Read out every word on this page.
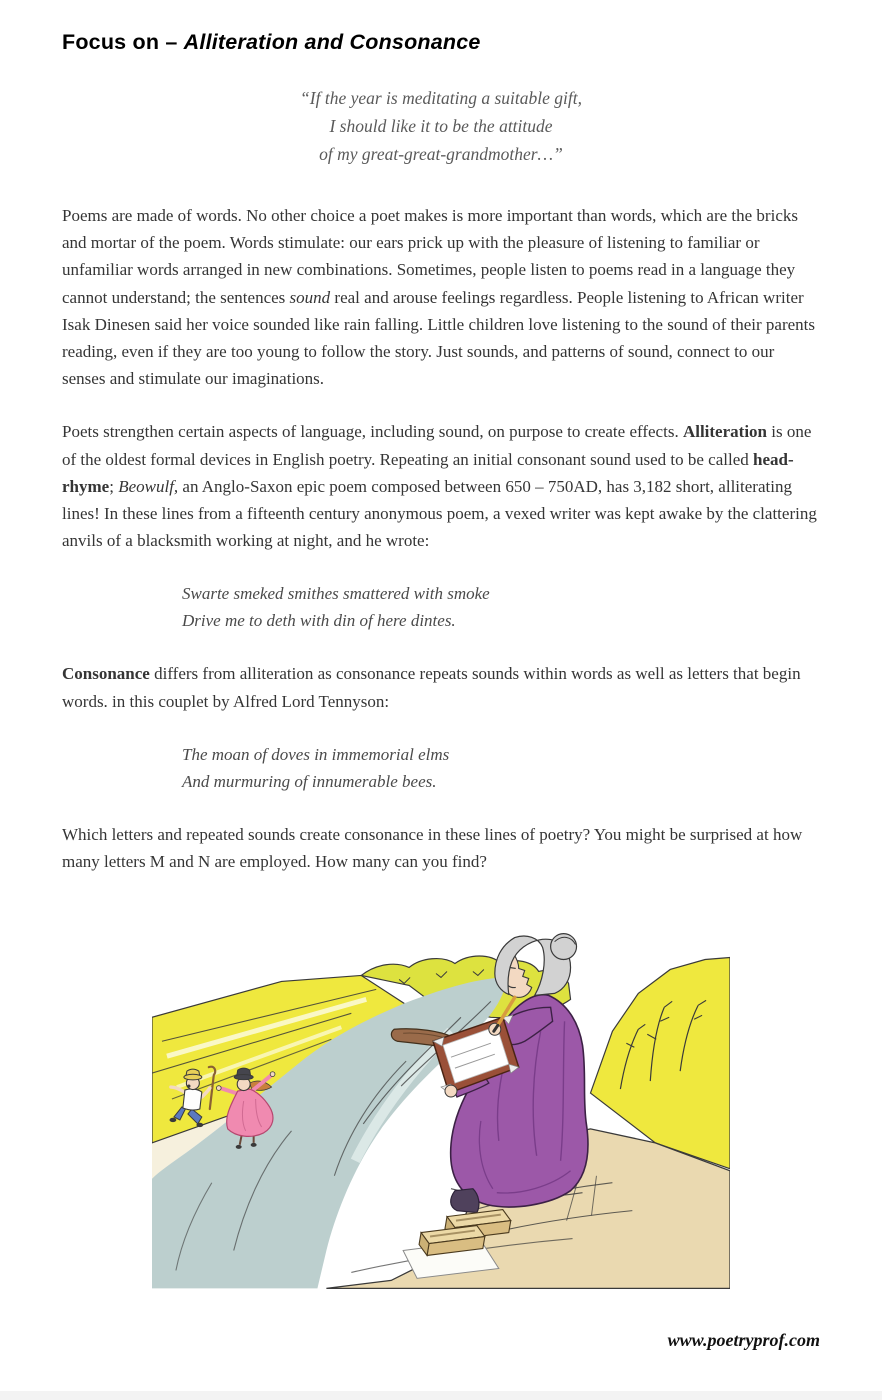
Focus on – Alliteration and Consonance
“If the year is meditating a suitable gift,
I should like it to be the attitude
of my great-great-grandmother…”

Poems are made of words. No other choice a poet makes is more important than words, which are the bricks and mortar of the poem. Words stimulate: our ears prick up with the pleasure of listening to familiar or unfamiliar words arranged in new combinations. Sometimes, people listen to poems read in a language they cannot understand; the sentences sound real and arouse feelings regardless. People listening to African writer Isak Dinesen said her voice sounded like rain falling. Little children love listening to the sound of their parents reading, even if they are too young to follow the story. Just sounds, and patterns of sound, connect to our senses and stimulate our imaginations.

Poets strengthen certain aspects of language, including sound, on purpose to create effects. Alliteration is one of the oldest formal devices in English poetry. Repeating an initial consonant sound used to be called head-rhyme; Beowulf, an Anglo-Saxon epic poem composed between 650 – 750AD, has 3,182 short, alliterating lines! In these lines from a fifteenth century anonymous poem, a vexed writer was kept awake by the clattering anvils of a blacksmith working at night, and he wrote:

Swarte smeked smithes smattered with smoke
Drive me to deth with din of here dintes.

Consonance differs from alliteration as consonance repeats sounds within words as well as letters that begin words. in this couplet by Alfred Lord Tennyson:

The moan of doves in immemorial elms
And murmuring of innumerable bees.

Which letters and repeated sounds create consonance in these lines of poetry? You might be surprised at how many letters M and N are employed. How many can you find?

www.poetryprof.com
